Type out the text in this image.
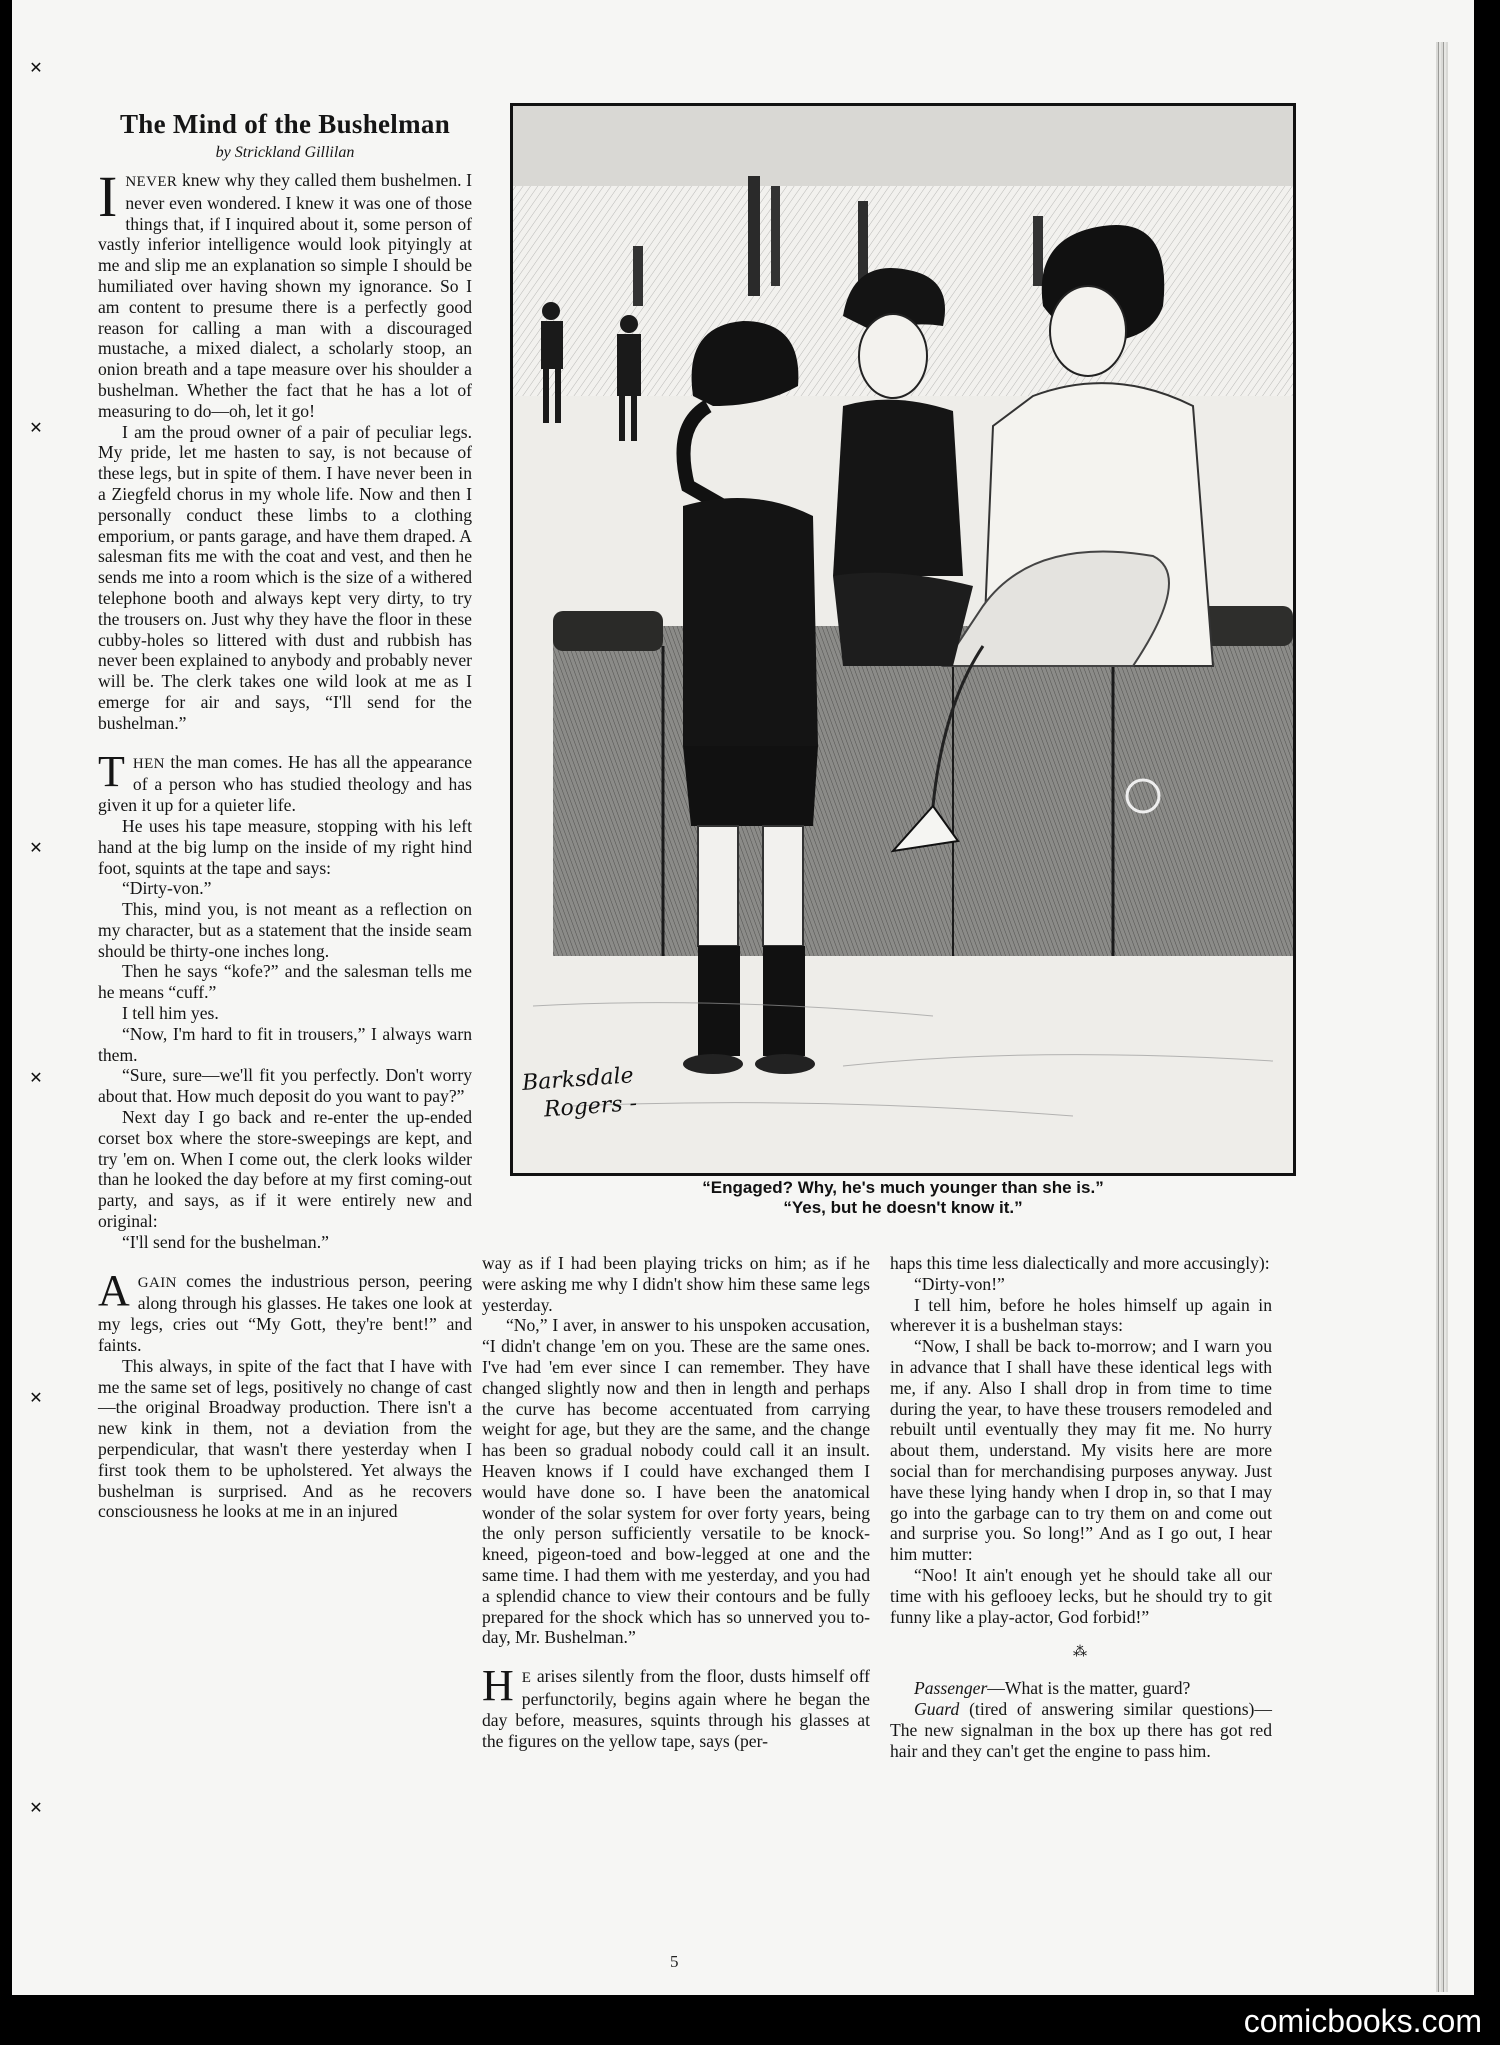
✕
✕
✕
✕
✕
✕
The Mind of the Bushelman
by Strickland Gillilan

INEVER knew why they called them bushelmen. I never even wondered. I knew it was one of those things that, if I inquired about it, some person of vastly inferior intelligence would look pityingly at me and slip me an explanation so simple I should be humiliated over having shown my ignorance. So I am content to presume there is a perfectly good reason for calling a man with a discouraged mustache, a mixed dialect, a scholarly stoop, an onion breath and a tape measure over his shoulder a bushelman. Whether the fact that he has a lot of measuring to do—oh, let it go!

I am the proud owner of a pair of peculiar legs. My pride, let me hasten to say, is not because of these legs, but in spite of them. I have never been in a Ziegfeld chorus in my whole life. Now and then I personally conduct these limbs to a clothing emporium, or pants garage, and have them draped. A salesman fits me with the coat and vest, and then he sends me into a room which is the size of a withered telephone booth and always kept very dirty, to try the trousers on. Just why they have the floor in these cubby-holes so littered with dust and rubbish has never been explained to anybody and probably never will be. The clerk takes one wild look at me as I emerge for air and says, “I'll send for the bushelman.”

THEN the man comes. He has all the appearance of a person who has studied theology and has given it up for a quieter life.

He uses his tape measure, stopping with his left hand at the big lump on the inside of my right hind foot, squints at the tape and says:

“Dirty-von.”

This, mind you, is not meant as a reflection on my character, but as a statement that the inside seam should be thirty-one inches long.

Then he says “kofe?” and the salesman tells me he means “cuff.”

I tell him yes.

“Now, I'm hard to fit in trousers,” I always warn them.

“Sure, sure—we'll fit you perfectly. Don't worry about that. How much deposit do you want to pay?”

Next day I go back and re-enter the up-ended corset box where the store-sweepings are kept, and try 'em on. When I come out, the clerk looks wilder than he looked the day before at my first coming-out party, and says, as if it were entirely new and original:

“I'll send for the bushelman.”

AGAIN comes the industrious person, peering along through his glasses. He takes one look at my legs, cries out “My Gott, they're bent!” and faints.

This always, in spite of the fact that I have with me the same set of legs, positively no change of cast—the original Broadway production. There isn't a new kink in them, not a deviation from the perpendicular, that wasn't there yesterday when I first took them to be upholstered. Yet always the bushelman is surprised. And as he recovers consciousness he looks at me in an injured

Barksdale
Rogers -
“Engaged? Why, he's much younger than she is.”
“Yes, but he doesn't know it.”

way as if I had been playing tricks on him; as if he were asking me why I didn't show him these same legs yesterday.

“No,” I aver, in answer to his unspoken accusation, “I didn't change 'em on you. These are the same ones. I've had 'em ever since I can remember. They have changed slightly now and then in length and perhaps the curve has become accentuated from carrying weight for age, but they are the same, and the change has been so gradual nobody could call it an insult. Heaven knows if I could have exchanged them I would have done so. I have been the anatomical wonder of the solar system for over forty years, being the only person sufficiently versatile to be knock-kneed, pigeon-toed and bow-legged at one and the same time. I had them with me yesterday, and you had a splendid chance to view their contours and be fully prepared for the shock which has so unnerved you to-day, Mr. Bushelman.”

H E arises silently from the floor, dusts himself off perfunctorily, begins again where he began the day before, measures, squints through his glasses at the figures on the yellow tape, says (per-

haps this time less dialectically and more accusingly):

“Dirty-von!”

I tell him, before he holes himself up again in wherever it is a bushelman stays:

“Now, I shall be back to-morrow; and I warn you in advance that I shall have these identical legs with me, if any. Also I shall drop in from time to time during the year, to have these trousers remodeled and rebuilt until eventually they may fit me. No hurry about them, understand. My visits here are more social than for merchandising purposes anyway. Just have these lying handy when I drop in, so that I may go into the garbage can to try them on and come out and surprise you. So long!” And as I go out, I hear him mutter:

“Noo! It ain't enough yet he should take all our time with his geflooey lecks, but he should try to git funny like a play-actor, God forbid!”

⁂

Passenger—What is the matter, guard?

Guard (tired of answering similar questions)—The new signalman in the box up there has got red hair and they can't get the engine to pass him.

5
comicbooks.com
